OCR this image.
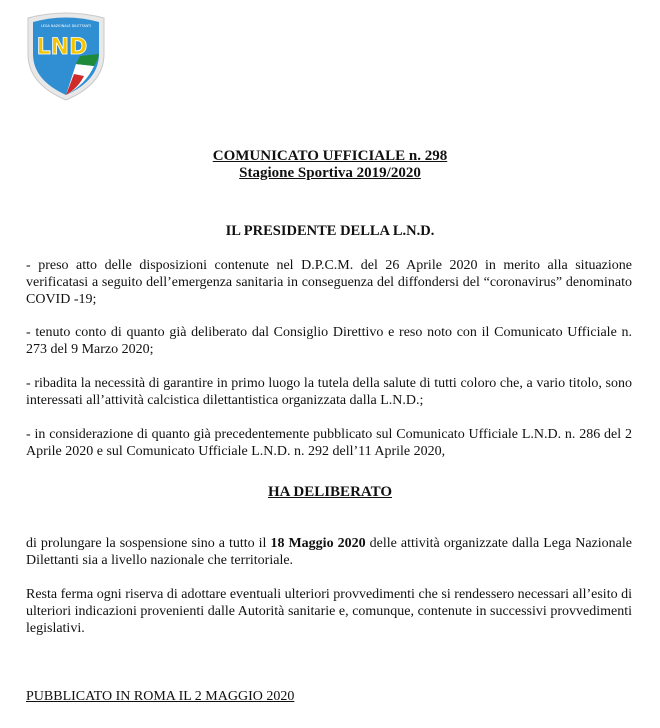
LEGA NAZIONALE DILETTANTI
LND
COMUNICATO UFFICIALE n. 298
Stagione Sportiva 2019/2020
IL PRESIDENTE DELLA L.N.D.
- preso atto delle disposizioni contenute nel D.P.C.M. del 26 Aprile 2020 in merito alla situazione verificatasi a seguito dell’emergenza sanitaria in conseguenza del diffondersi del “coronavirus” denominato COVID -19;
- tenuto conto di quanto già deliberato dal Consiglio Direttivo e reso noto con il Comunicato Ufficiale n. 273 del 9 Marzo 2020;
- ribadita la necessità di garantire in primo luogo la tutela della salute di tutti coloro che, a vario titolo, sono interessati all’attività calcistica dilettantistica organizzata dalla L.N.D.;
- in considerazione di quanto già precedentemente pubblicato sul Comunicato Ufficiale L.N.D. n. 286 del 2 Aprile 2020 e sul Comunicato Ufficiale L.N.D. n. 292 dell’11 Aprile 2020,
HA DELIBERATO
di prolungare la sospensione sino a tutto il 18 Maggio 2020 delle attività organizzate dalla Lega Nazionale Dilettanti sia a livello nazionale che territoriale.
Resta ferma ogni riserva di adottare eventuali ulteriori provvedimenti che si rendessero necessari all’esito di ulteriori indicazioni provenienti dalle Autorità sanitarie e, comunque, contenute in successivi provvedimenti legislativi.
PUBBLICATO IN ROMA IL 2 MAGGIO 2020
